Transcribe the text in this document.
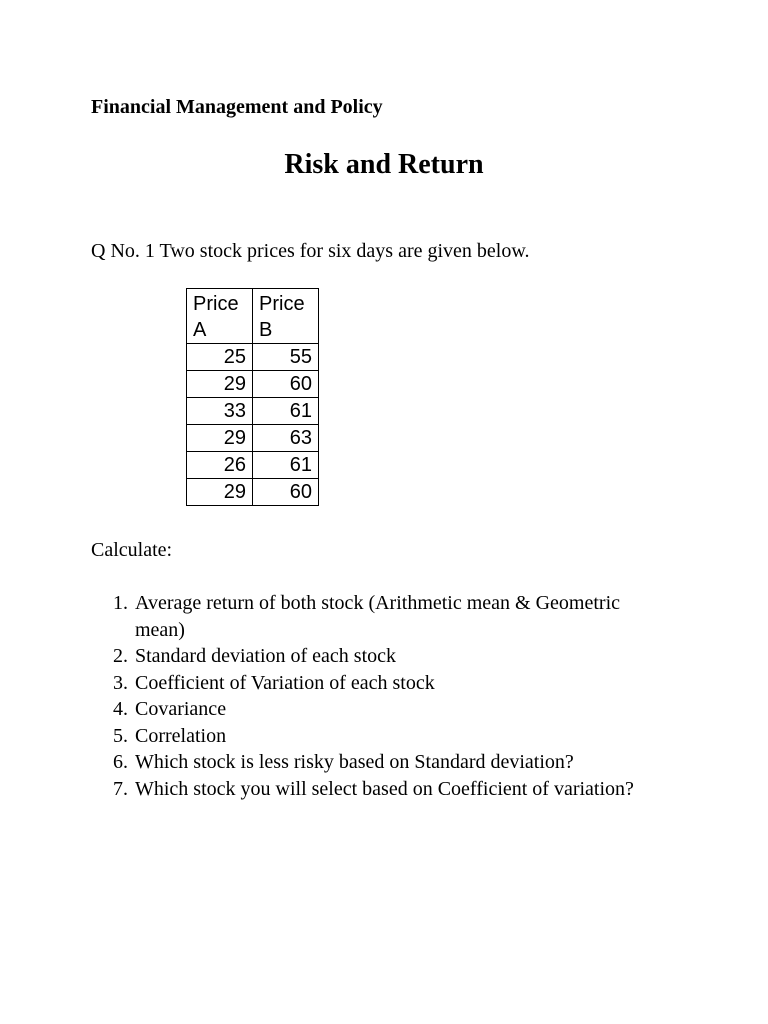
Financial Management and Policy

Risk and Return

Q No. 1 Two stock prices for six days are given below.

Price A	Price B
25	55
29	60
33	61
29	63
26	61
29	60

Calculate:

1. Average return of both stock (Arithmetic mean & Geometric mean)
2. Standard deviation of each stock
3. Coefficient of Variation of each stock
4. Covariance
5. Correlation
6. Which stock is less risky based on Standard deviation?
7. Which stock you will select based on Coefficient of variation?
